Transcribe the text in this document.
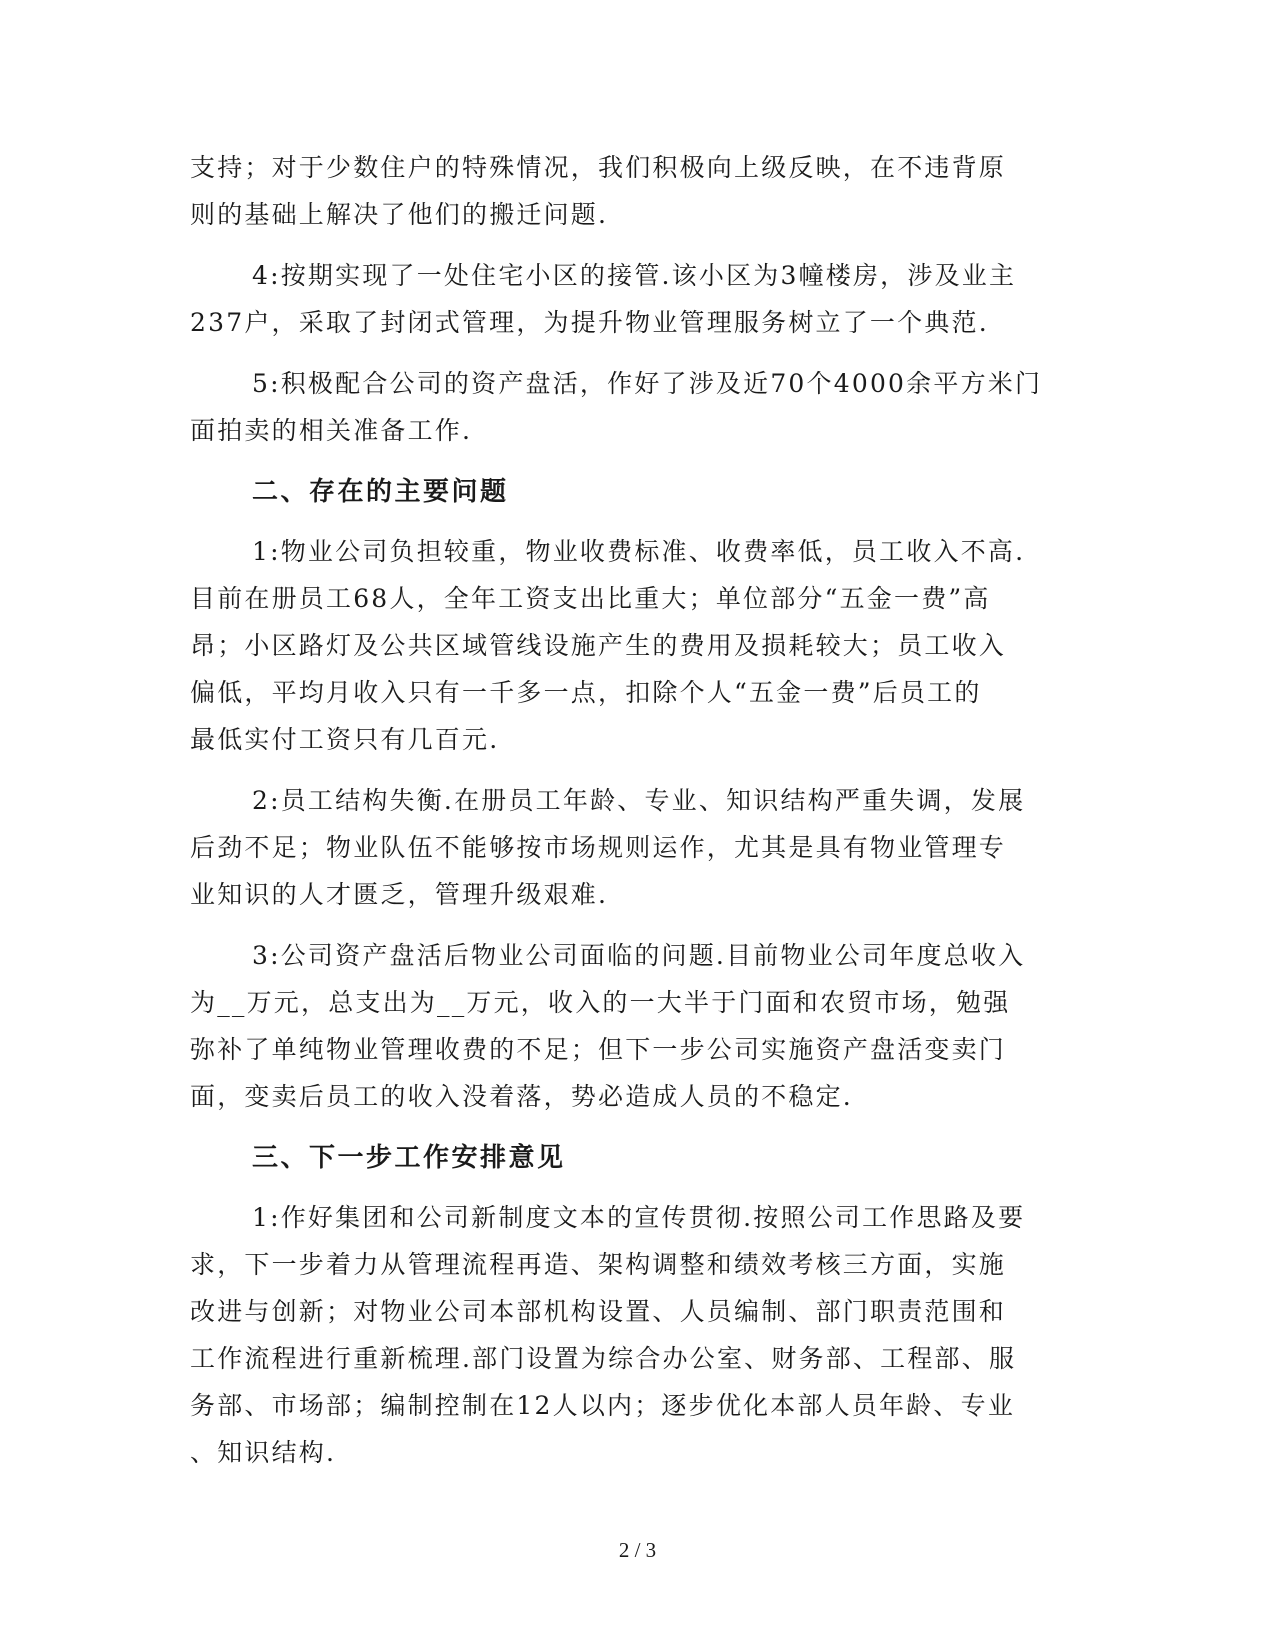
支持；对于少数住户的特殊情况，我们积极向上级反映，在不违背原
则的基础上解决了他们的搬迁问题.

4:按期实现了一处住宅小区的接管.该小区为3幢楼房，涉及业主
237户，采取了封闭式管理，为提升物业管理服务树立了一个典范.

5:积极配合公司的资产盘活，作好了涉及近70个4000余平方米门
面拍卖的相关准备工作.

二、存在的主要问题

1:物业公司负担较重，物业收费标准、收费率低，员工收入不高.
目前在册员工68人，全年工资支出比重大；单位部分“五金一费”高
昂；小区路灯及公共区域管线设施产生的费用及损耗较大；员工收入
偏低，平均月收入只有一千多一点，扣除个人“五金一费”后员工的
最低实付工资只有几百元.

2:员工结构失衡.在册员工年龄、专业、知识结构严重失调，发展
后劲不足；物业队伍不能够按市场规则运作，尤其是具有物业管理专
业知识的人才匮乏，管理升级艰难.

3:公司资产盘活后物业公司面临的问题.目前物业公司年度总收入
为__万元，总支出为__万元，收入的一大半于门面和农贸市场，勉强
弥补了单纯物业管理收费的不足；但下一步公司实施资产盘活变卖门
面，变卖后员工的收入没着落，势必造成人员的不稳定.

三、下一步工作安排意见

1:作好集团和公司新制度文本的宣传贯彻.按照公司工作思路及要
求，下一步着力从管理流程再造、架构调整和绩效考核三方面，实施
改进与创新；对物业公司本部机构设置、人员编制、部门职责范围和
工作流程进行重新梳理.部门设置为综合办公室、财务部、工程部、服
务部、市场部；编制控制在12人以内；逐步优化本部人员年龄、专业
、知识结构.

2 / 3
